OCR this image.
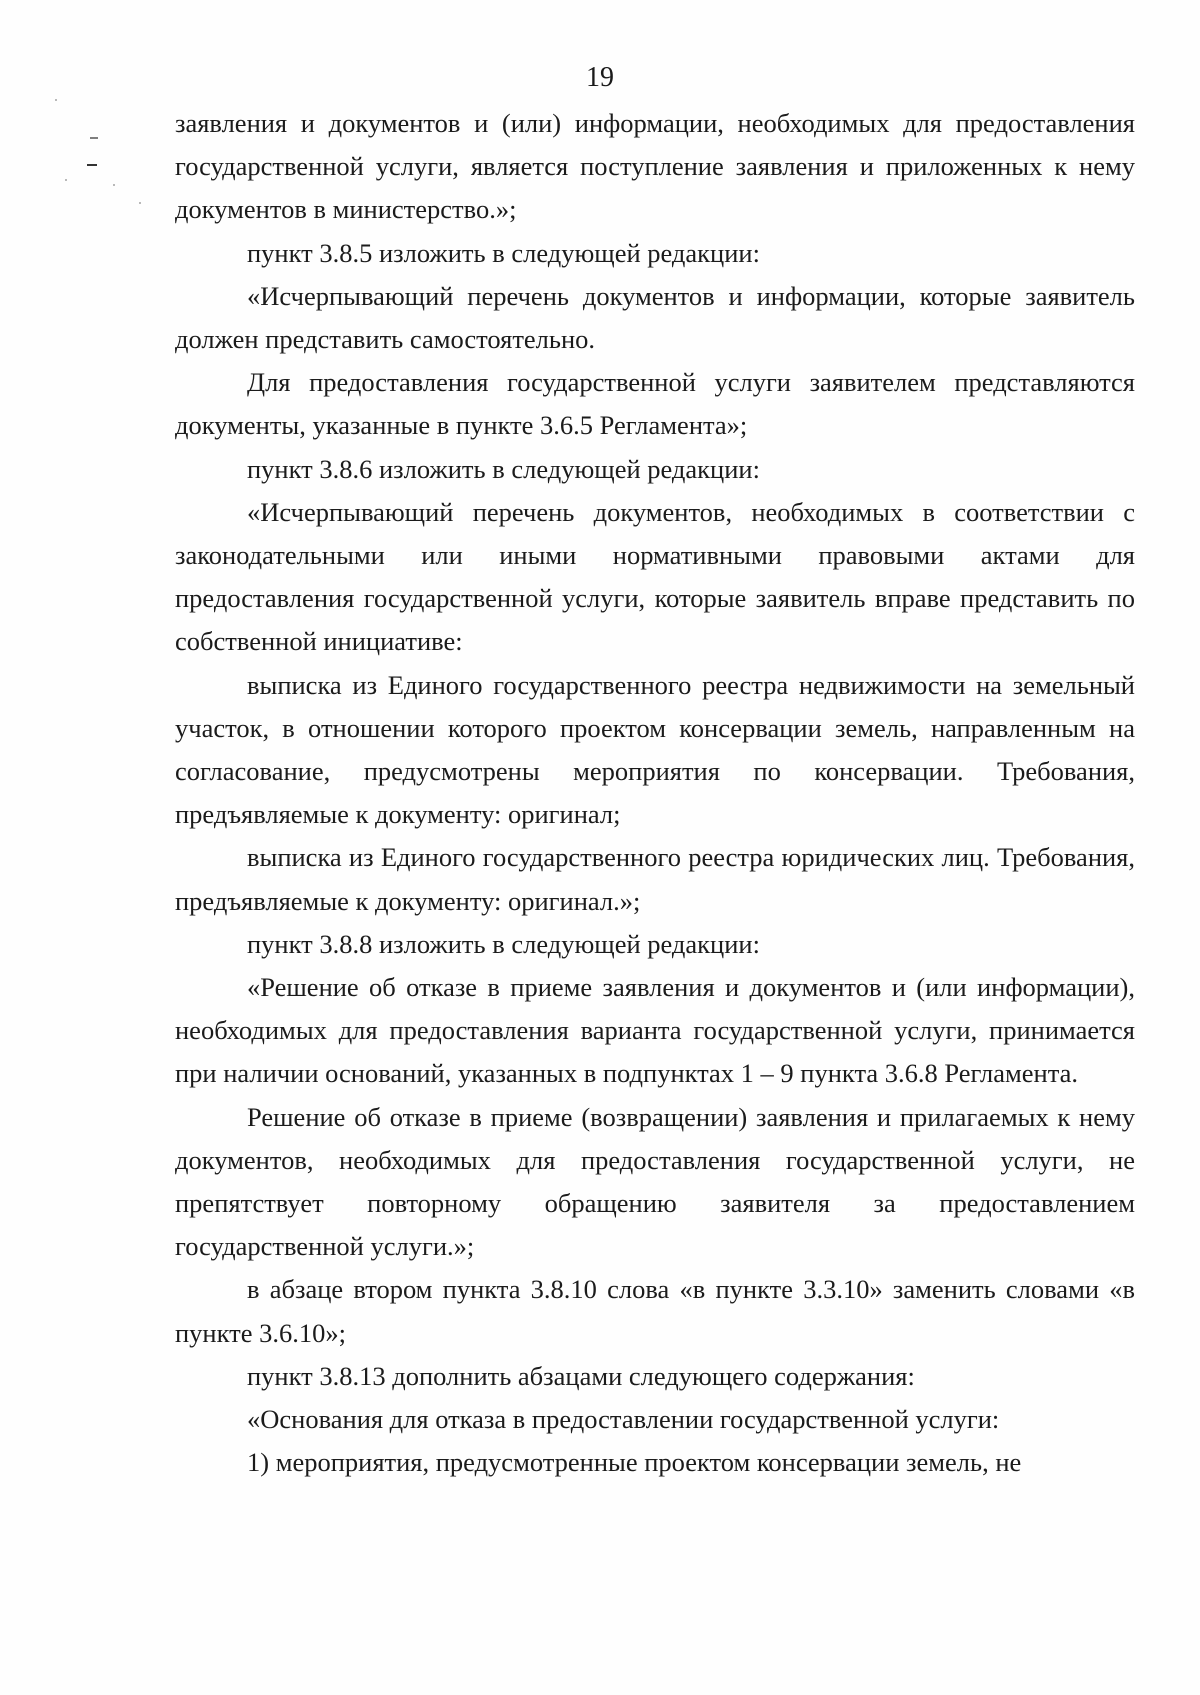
19

заявления и документов и (или) информации, необходимых для предоставления государственной услуги, является поступление заявления и приложенных к нему документов в министерство.»;

пункт 3.8.5 изложить в следующей редакции:

«Исчерпывающий перечень документов и информации, которые заявитель должен представить самостоятельно.

Для предоставления государственной услуги заявителем представляются документы, указанные в пункте 3.6.5 Регламента»;

пункт 3.8.6 изложить в следующей редакции:

«Исчерпывающий перечень документов, необходимых в соответствии с законодательными или иными нормативными правовыми актами для предоставления государственной услуги, которые заявитель вправе представить по собственной инициативе:

выписка из Единого государственного реестра недвижимости на земельный участок, в отношении которого проектом консервации земель, направленным на согласование, предусмотрены мероприятия по консервации. Требования, предъявляемые к документу: оригинал;

выписка из Единого государственного реестра юридических лиц. Требования, предъявляемые к документу: оригинал.»;

пункт 3.8.8 изложить в следующей редакции:

«Решение об отказе в приеме заявления и документов и (или информации), необходимых для предоставления варианта государственной услуги, принимается при наличии оснований, указанных в подпунктах 1 – 9 пункта 3.6.8 Регламента.

Решение об отказе в приеме (возвращении) заявления и прилагаемых к нему документов, необходимых для предоставления государственной услуги, не препятствует повторному обращению заявителя за предоставлением государственной услуги.»;

в абзаце втором пункта 3.8.10 слова «в пункте 3.3.10» заменить словами «в пункте 3.6.10»;

пункт 3.8.13 дополнить абзацами следующего содержания:

«Основания для отказа в предоставлении государственной услуги:

1) мероприятия, предусмотренные проектом консервации земель, не
